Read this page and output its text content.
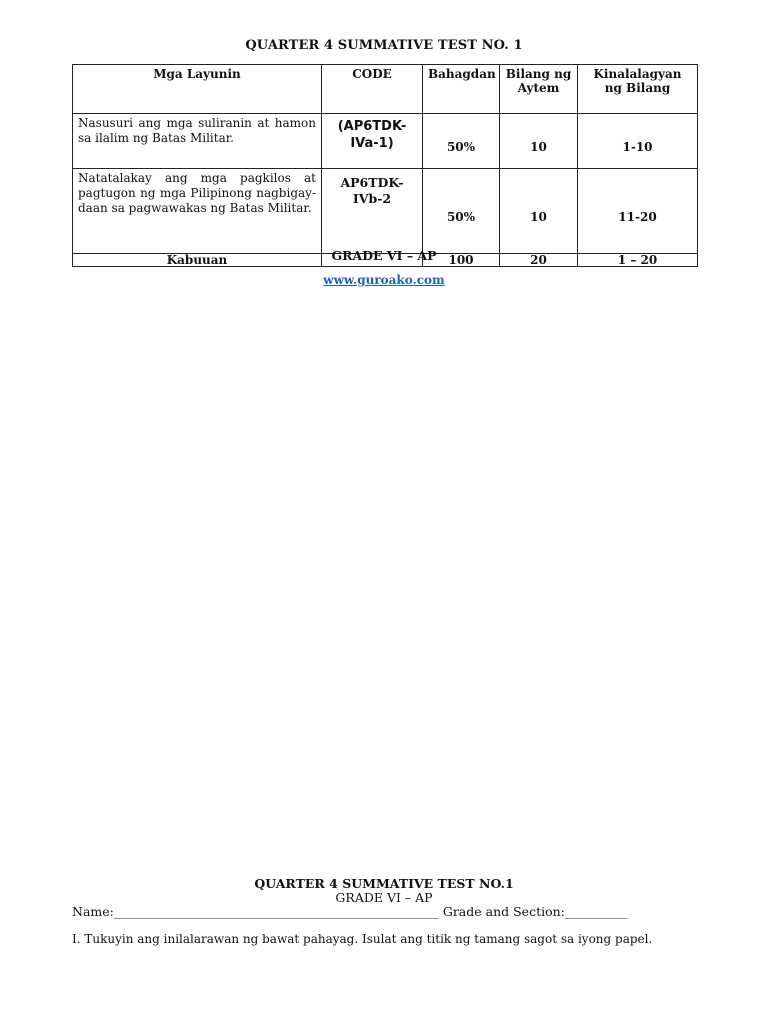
QUARTER 4 SUMMATIVE TEST NO. 1
Mga Layunin	CODE	Bahagdan	Bilang ng Aytem	Kinalalagyan ng Bilang
Nasusuri ang mga suliranin at hamon sa ilalim ng Batas Militar.	(AP6TDK-IVa-1)	50%	10	1-10
Natatalakay ang mga pagkilos at pagtugon ng mga Pilipinong nagbigay-daan sa pagwawakas ng Batas Militar.	AP6TDK-IVb-2	50%	10	11-20
Kabuuan		100	20	1 – 20
GRADE VI – AP
www.guroako.com
QUARTER 4 SUMMATIVE TEST NO.1
GRADE VI – AP
Name:____________________________________________________ Grade and Section:__________
I. Tukuyin ang inilalarawan ng bawat pahayag. Isulat ang titik ng tamang sagot sa iyong papel.
